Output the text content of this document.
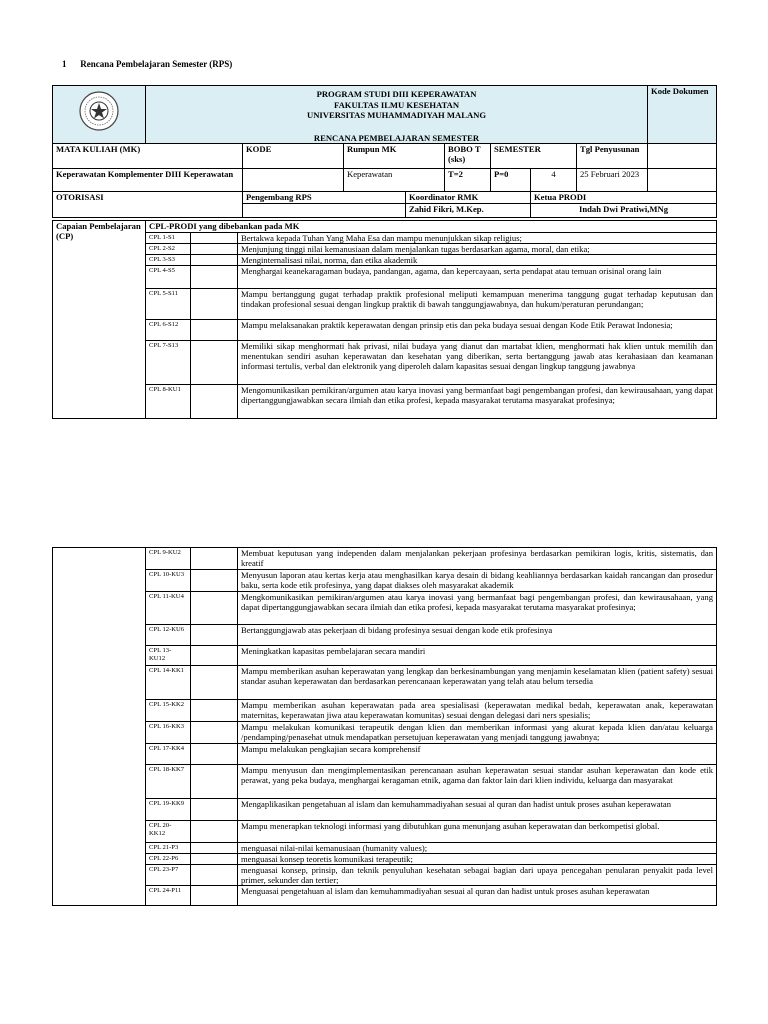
1 Rencana Pembelajaran Semester (RPS)

PROGRAM STUDI DIII KEPERAWATAN
FAKULTAS ILMU KESEHATAN
UNIVERSITAS MUHAMMADIYAH MALANG
RENCANA PEMBELAJARAN SEMESTER								Kode Dokumen
MATA KULIAH (MK)		KODE	Rumpun MK		BOBO T (sks)	SEMESTER		Tgl Penyusunan	
Keperawatan Komplementer DIII Keperawatan			Keperawatan		T=2	P=0	4	25 Februari 2023	
OTORISASI		Pengembang RPS		Koordinator RMK			Ketua PRODI		
				Zahid Fikri, M.Kep.			Indah Dwi Pratiwi,MNg		
Capaian Pembelajaran (CP)	CPL-PRODI yang dibebankan pada MK		
	CPL 1-S1		Bertakwa kepada Tuhan Yang Maha Esa dan mampu menunjukkan sikap religius;
	CPL 2-S2		Menjunjung tinggi nilai kemanusiaan dalam menjalankan tugas berdasarkan agama, moral, dan etika;
	CPL 3-S3		Menginternalisasi nilai, norma, dan etika akademik
	CPL 4-S5		Menghargai keanekaragaman budaya, pandangan, agama, dan kepercayaan, serta pendapat atau temuan orisinal orang lain
	CPL 5-S11		Mampu bertanggung gugat terhadap praktik profesional meliputi kemampuan menerima tanggung gugat terhadap keputusan dan tindakan profesional sesuai dengan lingkup praktik di bawah tanggungjawabnya, dan hukum/peraturan perundangan;
	CPL 6-S12		Mampu melaksanakan praktik keperawatan dengan prinsip etis dan peka budaya sesuai dengan Kode Etik Perawat Indonesia;
	CPL 7-S13		Memiliki sikap menghormati hak privasi, nilai budaya yang dianut dan martabat klien, menghormati hak klien untuk memilih dan menentukan sendiri asuhan keperawatan dan kesehatan yang diberikan, serta bertanggung jawab atas kerahasiaan dan keamanan informasi tertulis, verbal dan elektronik yang diperoleh dalam kapasitas sesuai dengan lingkup tanggung jawabnya
	CPL 8-KU1		Mengomunikasikan pemikiran/argumen atau karya inovasi yang bermanfaat bagi pengembangan profesi, dan kewirausahaan, yang dapat dipertanggungjawabkan secara ilmiah dan etika profesi, kepada masyarakat terutama masyarakat profesinya;
	CPL 9-KU2		Membuat keputusan yang independen dalam menjalankan pekerjaan profesinya berdasarkan pemikiran logis, kritis, sistematis, dan kreatif
	CPL 10-KU3		Menyusun laporan atau kertas kerja atau menghasilkan karya desain di bidang keahliannya berdasarkan kaidah rancangan dan prosedur baku, serta kode etik profesinya, yang dapat diakses oleh masyarakat akademik
	CPL 11-KU4		Mengkomunikasikan pemikiran/argumen atau karya inovasi yang bermanfaat bagi pengembangan profesi, dan kewirausahaan, yang dapat dipertanggungjawabkan secara ilmiah dan etika profesi, kepada masyarakat terutama masyarakat profesinya;
	CPL 12-KU6		Bertanggungjawab atas pekerjaan di bidang profesinya sesuai dengan kode etik profesinya
	CPL 13-KU12		Meningkatkan kapasitas pembelajaran secara mandiri
	CPL 14-KK1		Mampu memberikan asuhan keperawatan yang lengkap dan berkesinambungan yang menjamin keselamatan klien (patient safety) sesuai standar asuhan keperawatan dan berdasarkan perencanaan keperawatan yang telah atau belum tersedia
	CPL 15-KK2		Mampu memberikan asuhan keperawatan pada area spesialisasi (keperawatan medikal bedah, keperawatan anak, keperawatan maternitas, keperawatan jiwa atau keperawatan komunitas) sesuai dengan delegasi dari ners spesialis;
	CPL 16-KK3		Mampu melakukan komunikasi terapeutik dengan klien dan memberikan informasi yang akurat kepada klien dan/atau keluarga /pendamping/penasehat utnuk mendapatkan persetujuan keperawatan yang menjadi tanggung jawabnya;
	CPL 17-KK4		Mampu melakukan pengkajian secara komprehensif
	CPL 18-KK7		Mampu menyusun dan mengimplementasikan perencanaan asuhan keperawatan sesuai standar asuhan keperawatan dan kode etik perawat, yang peka budaya, menghargai keragaman etnik, agama dan faktor lain dari klien individu, keluarga dan masyarakat
	CPL 19-KK9		Mengaplikasikan pengetahuan al islam dan kemuhammadiyahan sesuai al quran dan hadist untuk proses asuhan keperawatan
	CPL 20-KK12		Mampu menerapkan teknologi informasi yang dibutuhkan guna menunjang asuhan keperawatan dan berkompetisi global.
	CPL 21-P3		menguasai nilai-nilai kemanusiaan (humanity values);
	CPL 22-P6		menguasai konsep teoretis komunikasi terapeutik;
	CPL 23-P7		menguasai konsep, prinsip, dan teknik penyuluhan kesehatan sebagai bagian dari upaya pencegahan penularan penyakit pada level primer, sekunder dan tertier;
	CPL 24-P11		Menguasai pengetahuan al islam dan kemuhammadiyahan sesuai al quran dan hadist untuk proses asuhan keperawatan
